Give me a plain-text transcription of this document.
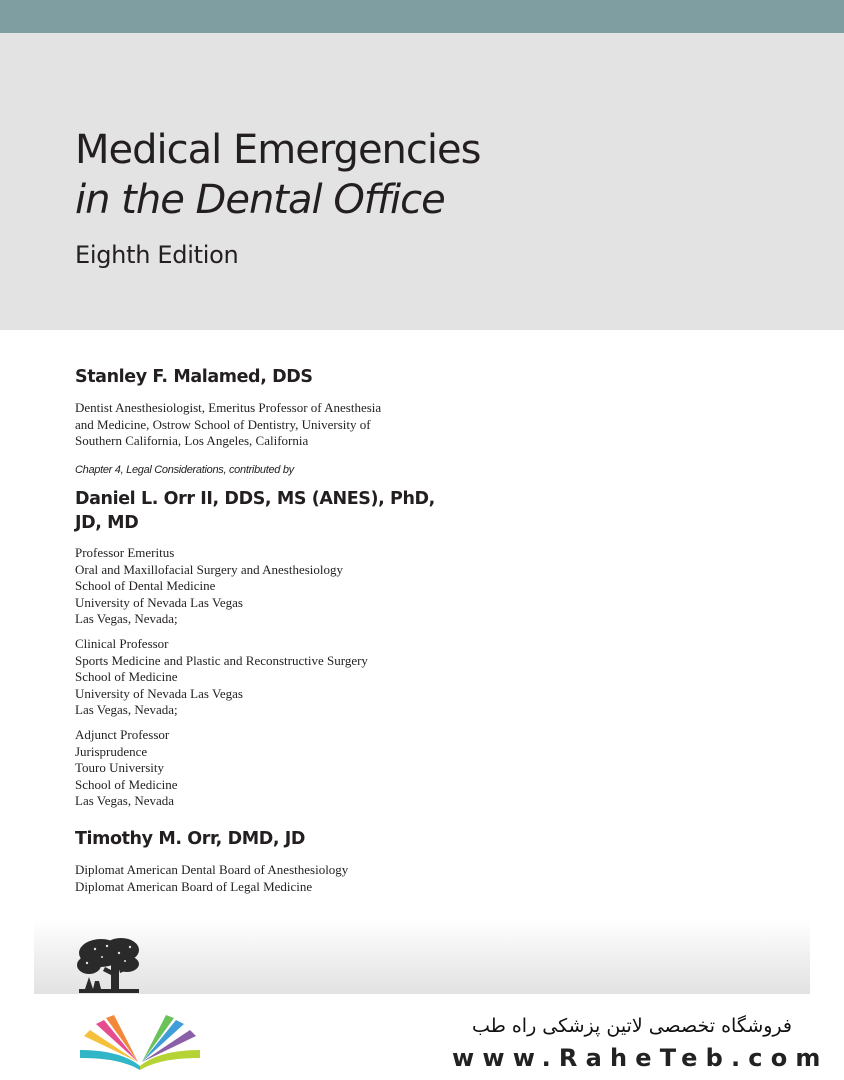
Medical Emergencies
in the Dental Office
Eighth Edition
Stanley F. Malamed, DDS
Dentist Anesthesiologist, Emeritus Professor of Anesthesia
and Medicine, Ostrow School of Dentistry, University of
Southern California, Los Angeles, California
Chapter 4, Legal Considerations, contributed by
Daniel L. Orr II, DDS, MS (ANES), PhD,
JD, MD
Professor Emeritus
Oral and Maxillofacial Surgery and Anesthesiology
School of Dental Medicine
University of Nevada Las Vegas
Las Vegas, Nevada;
Clinical Professor
Sports Medicine and Plastic and Reconstructive Surgery
School of Medicine
University of Nevada Las Vegas
Las Vegas, Nevada;
Adjunct Professor
Jurisprudence
Touro University
School of Medicine
Las Vegas, Nevada
Timothy M. Orr, DMD, JD
Diplomat American Dental Board of Anesthesiology
Diplomat American Board of Legal Medicine
فروشگاه تخصصی لاتین پزشکی راه طب
www.RaheTeb.com
